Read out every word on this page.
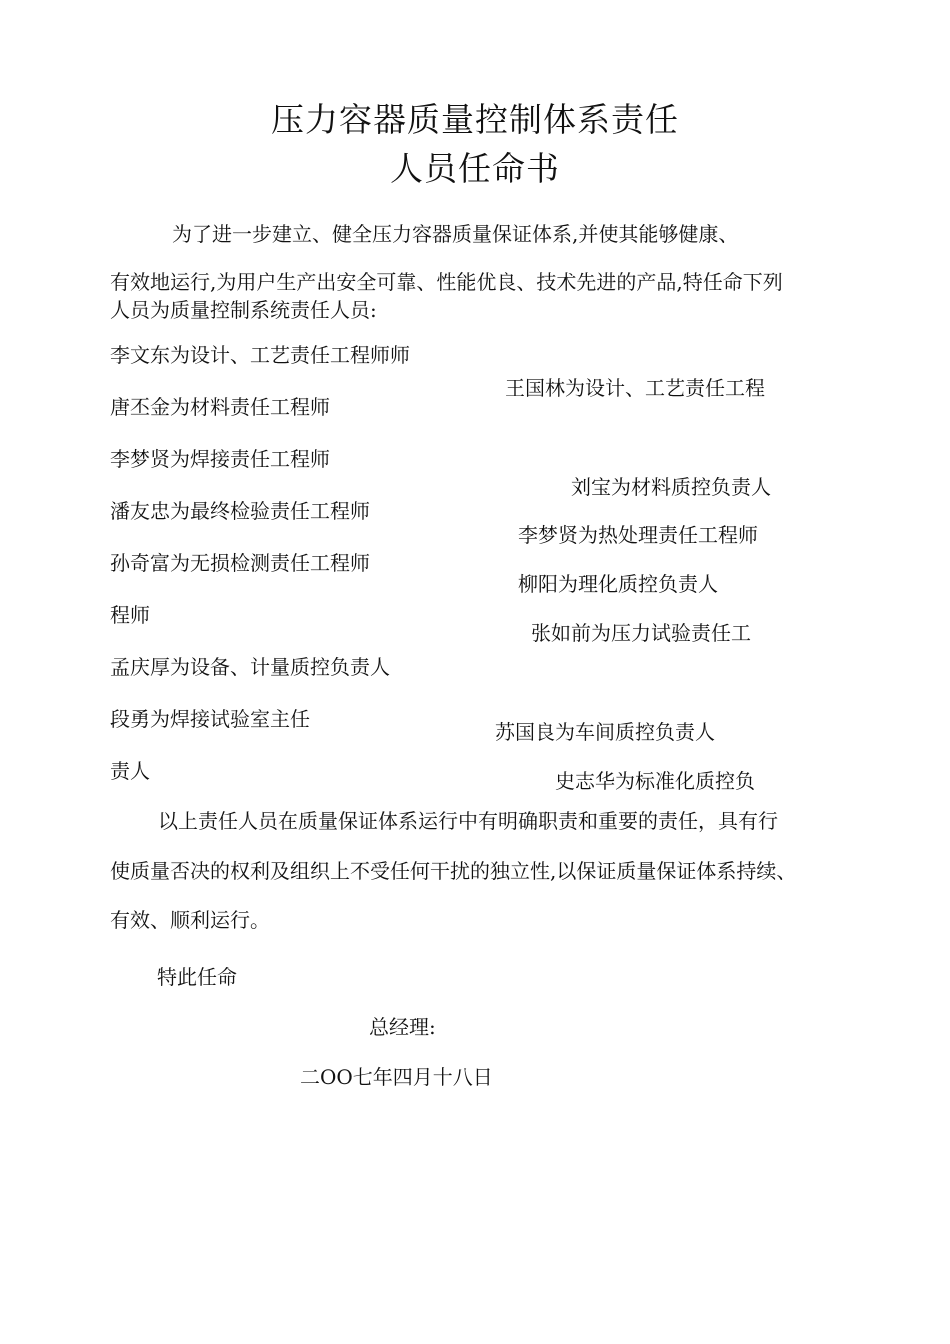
压力容器质量控制体系责任
人员任命书
为了进一步建立、健全压力容器质量保证体系,并使其能够健康、
有效地运行,为用户生产出安全可靠、性能优良、技术先进的产品,特任命下列
人员为质量控制系统责任人员:
李文东为设计、工艺责任工程师师
唐丕金为材料责任工程师
李梦贤为焊接责任工程师
潘友忠为最终检验责任工程师
孙奇富为无损检测责任工程师
程师
孟庆厚为设备、计量质控负责人
段勇为焊接试验室主任
责人
王国林为设计、工艺责任工程
刘宝为材料质控负责人
李梦贤为热处理责任工程师
柳阳为理化质控负责人
张如前为压力试验责任工
苏国良为车间质控负责人
史志华为标准化质控负
以上责任人员在质量保证体系运行中有明确职责和重要的责任，具有行
使质量否决的权利及组织上不受任何干扰的独立性,以保证质量保证体系持续、
有效、顺利运行。
特此任命
总经理:
二OO七年四月十八日
